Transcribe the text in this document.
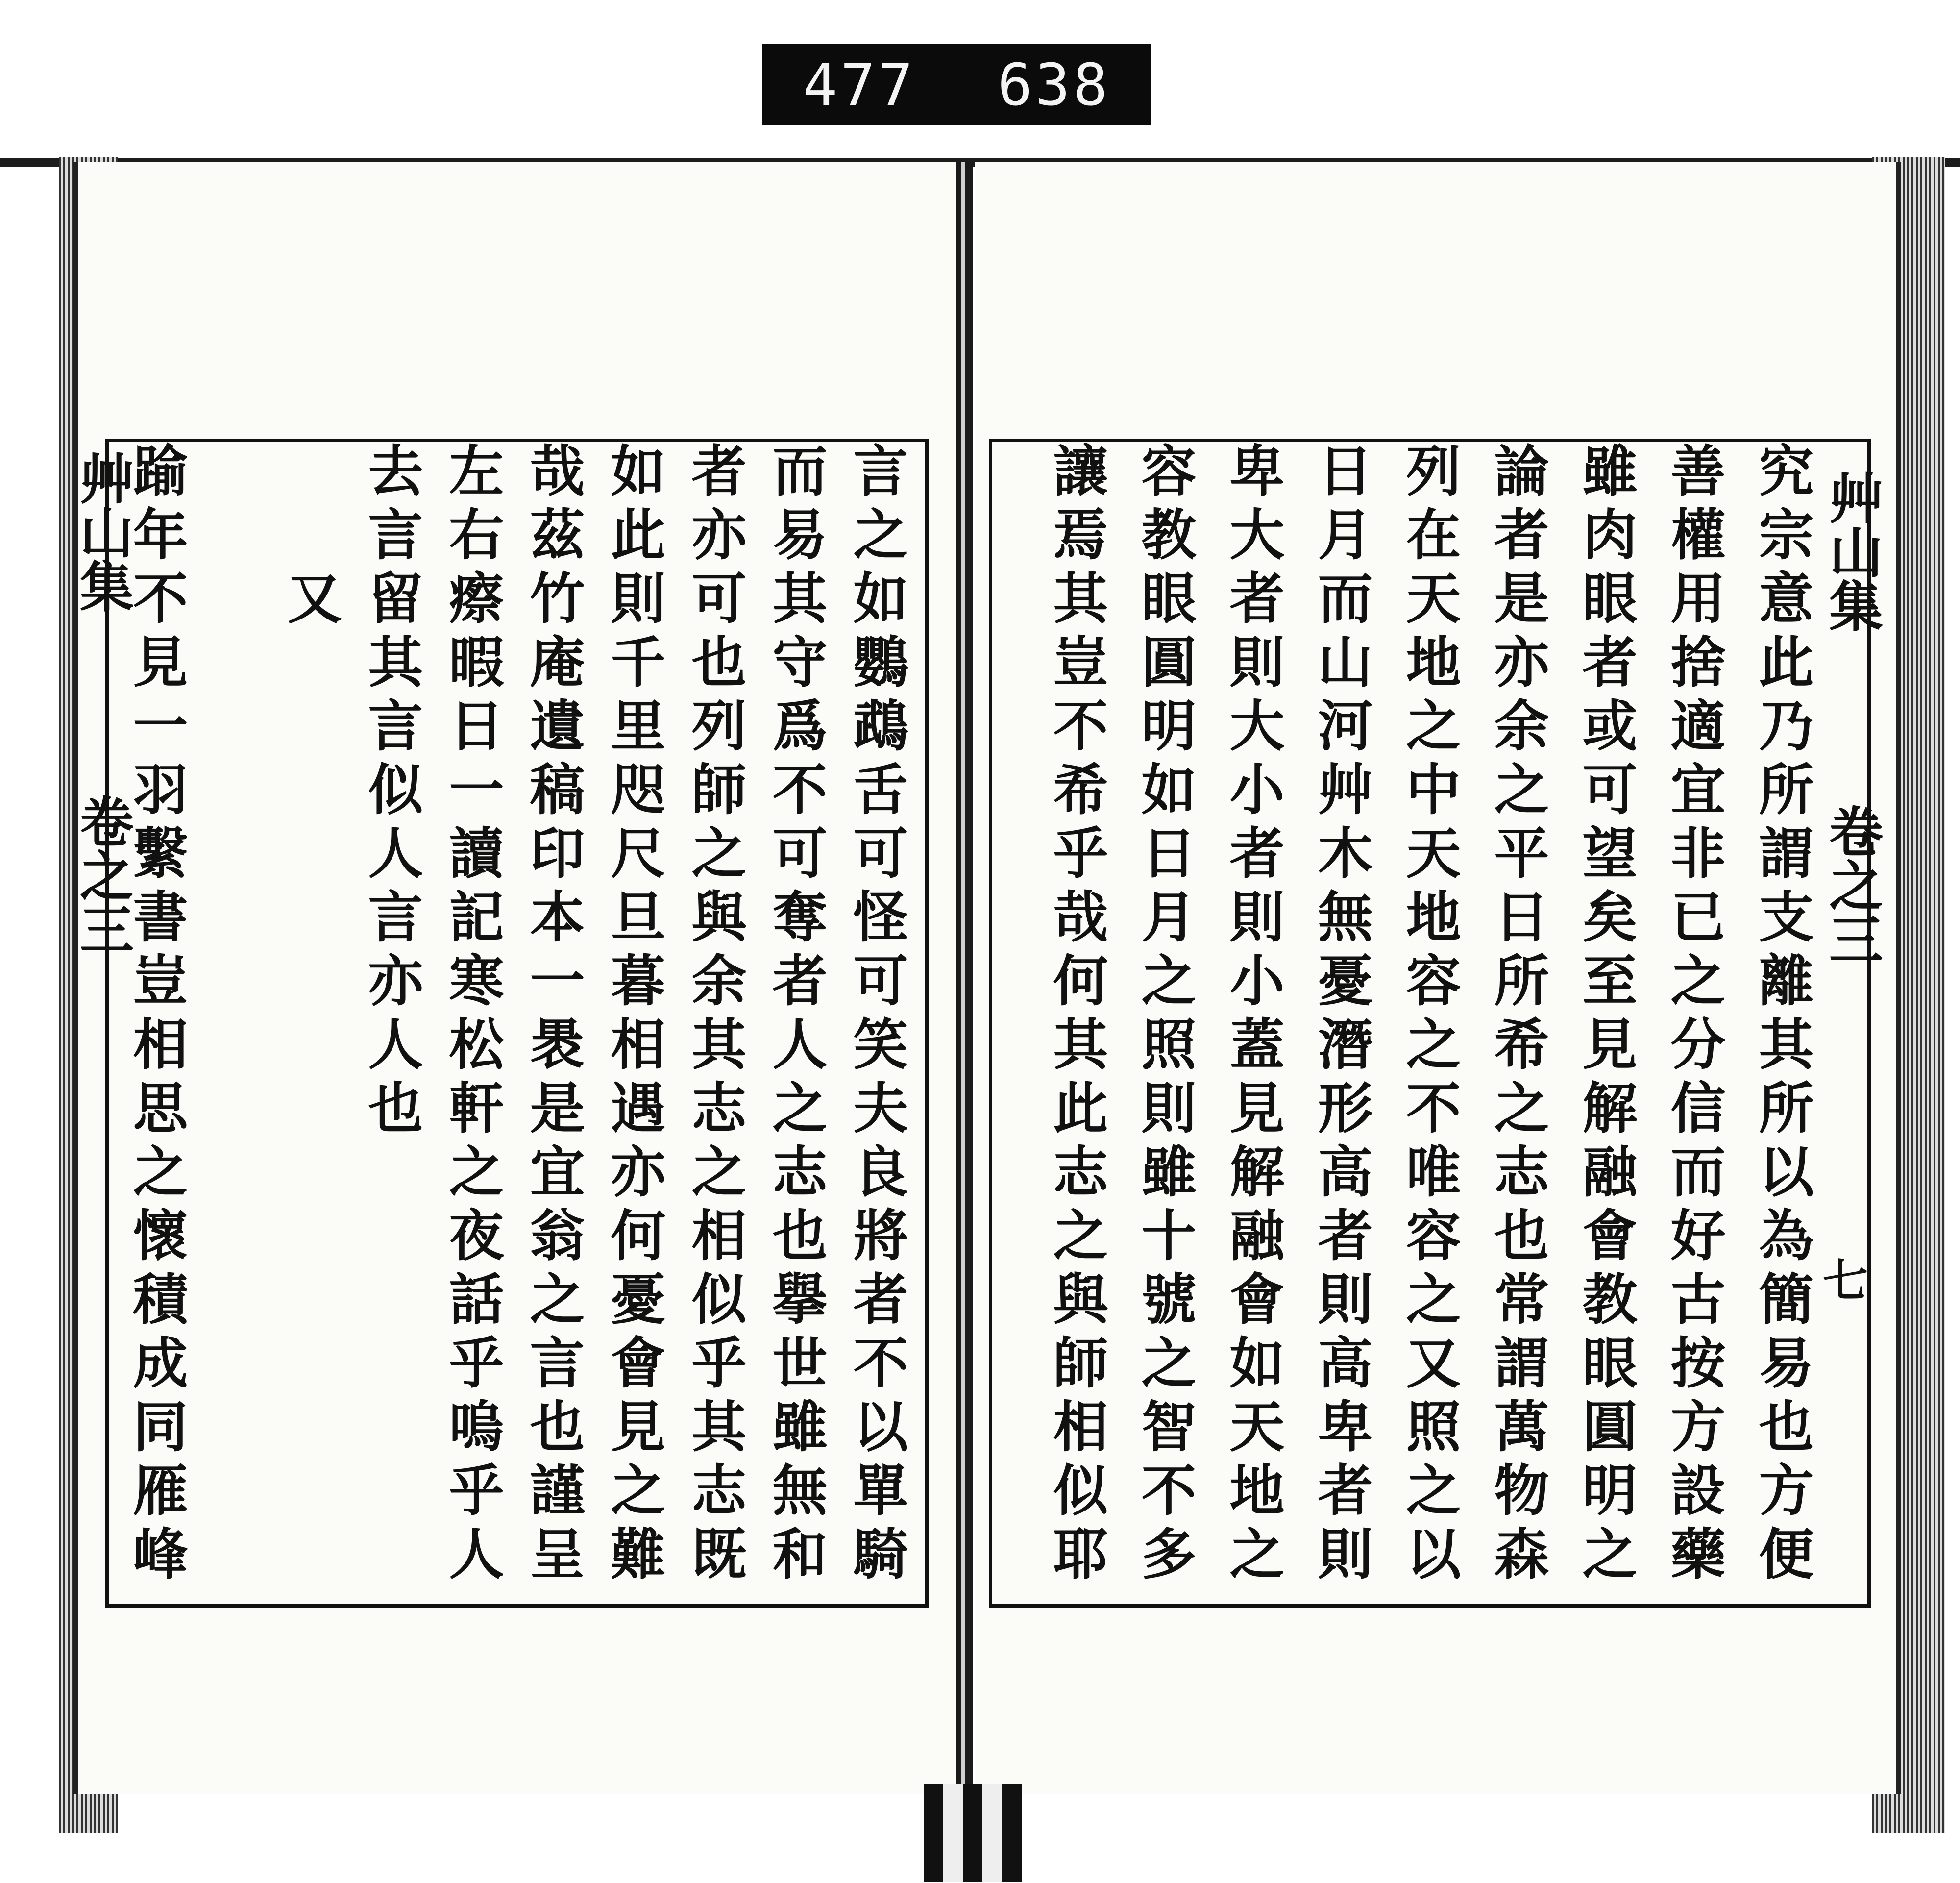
477 638
艸山集
卷之三
艸山集
卷之三
七
究宗意此乃所謂支離其所以為簡易也方便
善權用捨適宜非已之分信而好古按方設藥
雖肉眼者或可望矣至見解融會教眼圓明之
論者是亦余之平日所希之志也常謂萬物森
列在天地之中天地容之不唯容之又照之以
日月而山河艸木無憂潛形高者則高卑者則
卑大者則大小者則小蓋見解融會如天地之
容教眼圓明如日月之照則雖十號之智不多
讓焉其豈不希乎哉何其此志之與師相似耶
言之如鸚鵡舌可怪可笑夫良將者不以單騎
而易其守爲不可奪者人之志也擧世雖無和
者亦可也列師之與余其志之相似乎其志既
如此則千里咫尺旦暮相遇亦何憂會見之難
哉茲竹庵遺稿印本一褁是宜翁之言也謹呈
左右瘵暇日一讀記寒松軒之夜話乎嗚乎人
去言留其言似人言亦人也
　　又
踰年不見一羽繫書豈相思之懷積成同雁峰
